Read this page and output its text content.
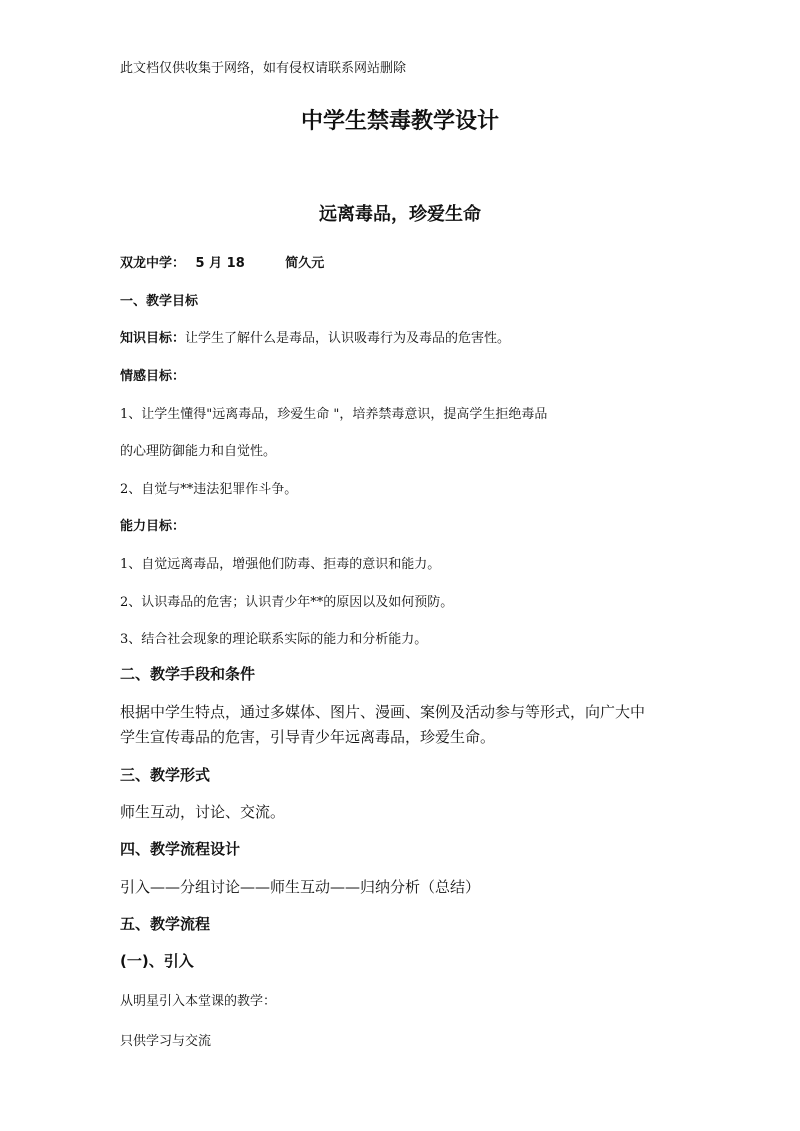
此文档仅供收集于网络，如有侵权请联系网站删除
中学生禁毒教学设计
远离毒品，珍爱生命
双龙中学： 5 月 18	简久元
一、教学目标
知识目标：让学生了解什么是毒品，认识吸毒行为及毒品的危害性。
情感目标：
1、让学生懂得"远离毒品，珍爱生命 "，培养禁毒意识，提高学生拒绝毒品
的心理防御能力和自觉性。
2、自觉与**违法犯罪作斗争。
能力目标：
1、自觉远离毒品，增强他们防毒、拒毒的意识和能力。
2、认识毒品的危害；认识青少年**的原因以及如何预防。
3、结合社会现象的理论联系实际的能力和分析能力。
二、教学手段和条件
根据中学生特点，通过多媒体、图片、漫画、案例及活动参与等形式，向广大中
学生宣传毒品的危害，引导青少年远离毒品，珍爱生命。
三、教学形式
师生互动，讨论、交流。
四、教学流程设计
引入——分组讨论——师生互动——归纳分析（总结）
五、教学流程
(一)、引入
从明星引入本堂课的教学：
只供学习与交流
